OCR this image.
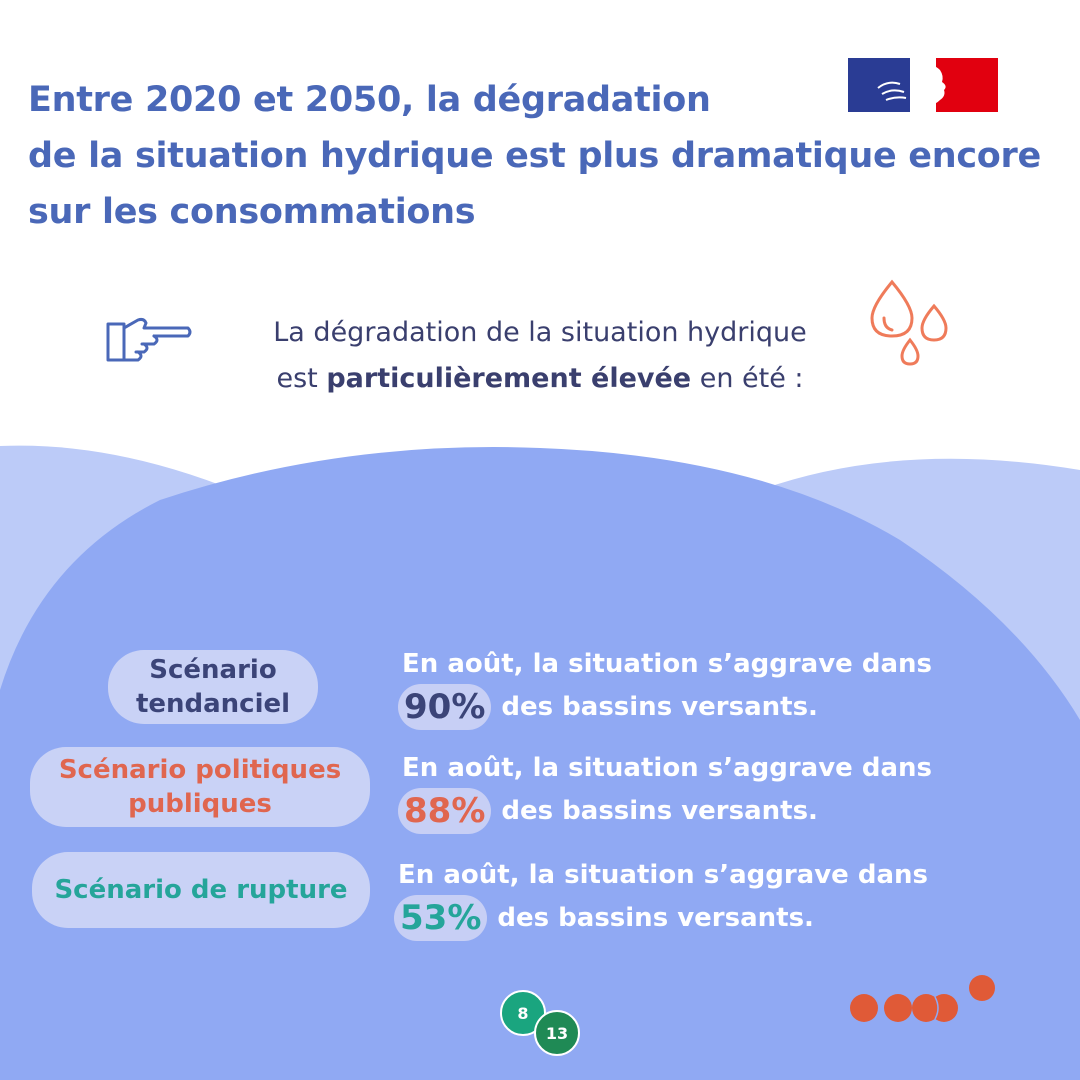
Entre 2020 et 2050, la dégradation
de la situation hydrique est plus dramatique encore
sur les consommations
La dégradation de la situation hydrique
est particulièrement élevée en été :
Scénario
tendanciel
Scénario politiques
publiques
Scénario de rupture
En août, la situation s’aggrave dans
90% des bassins versants.
En août, la situation s’aggrave dans
88% des bassins versants.
En août, la situation s’aggrave dans
53% des bassins versants.
8
13
